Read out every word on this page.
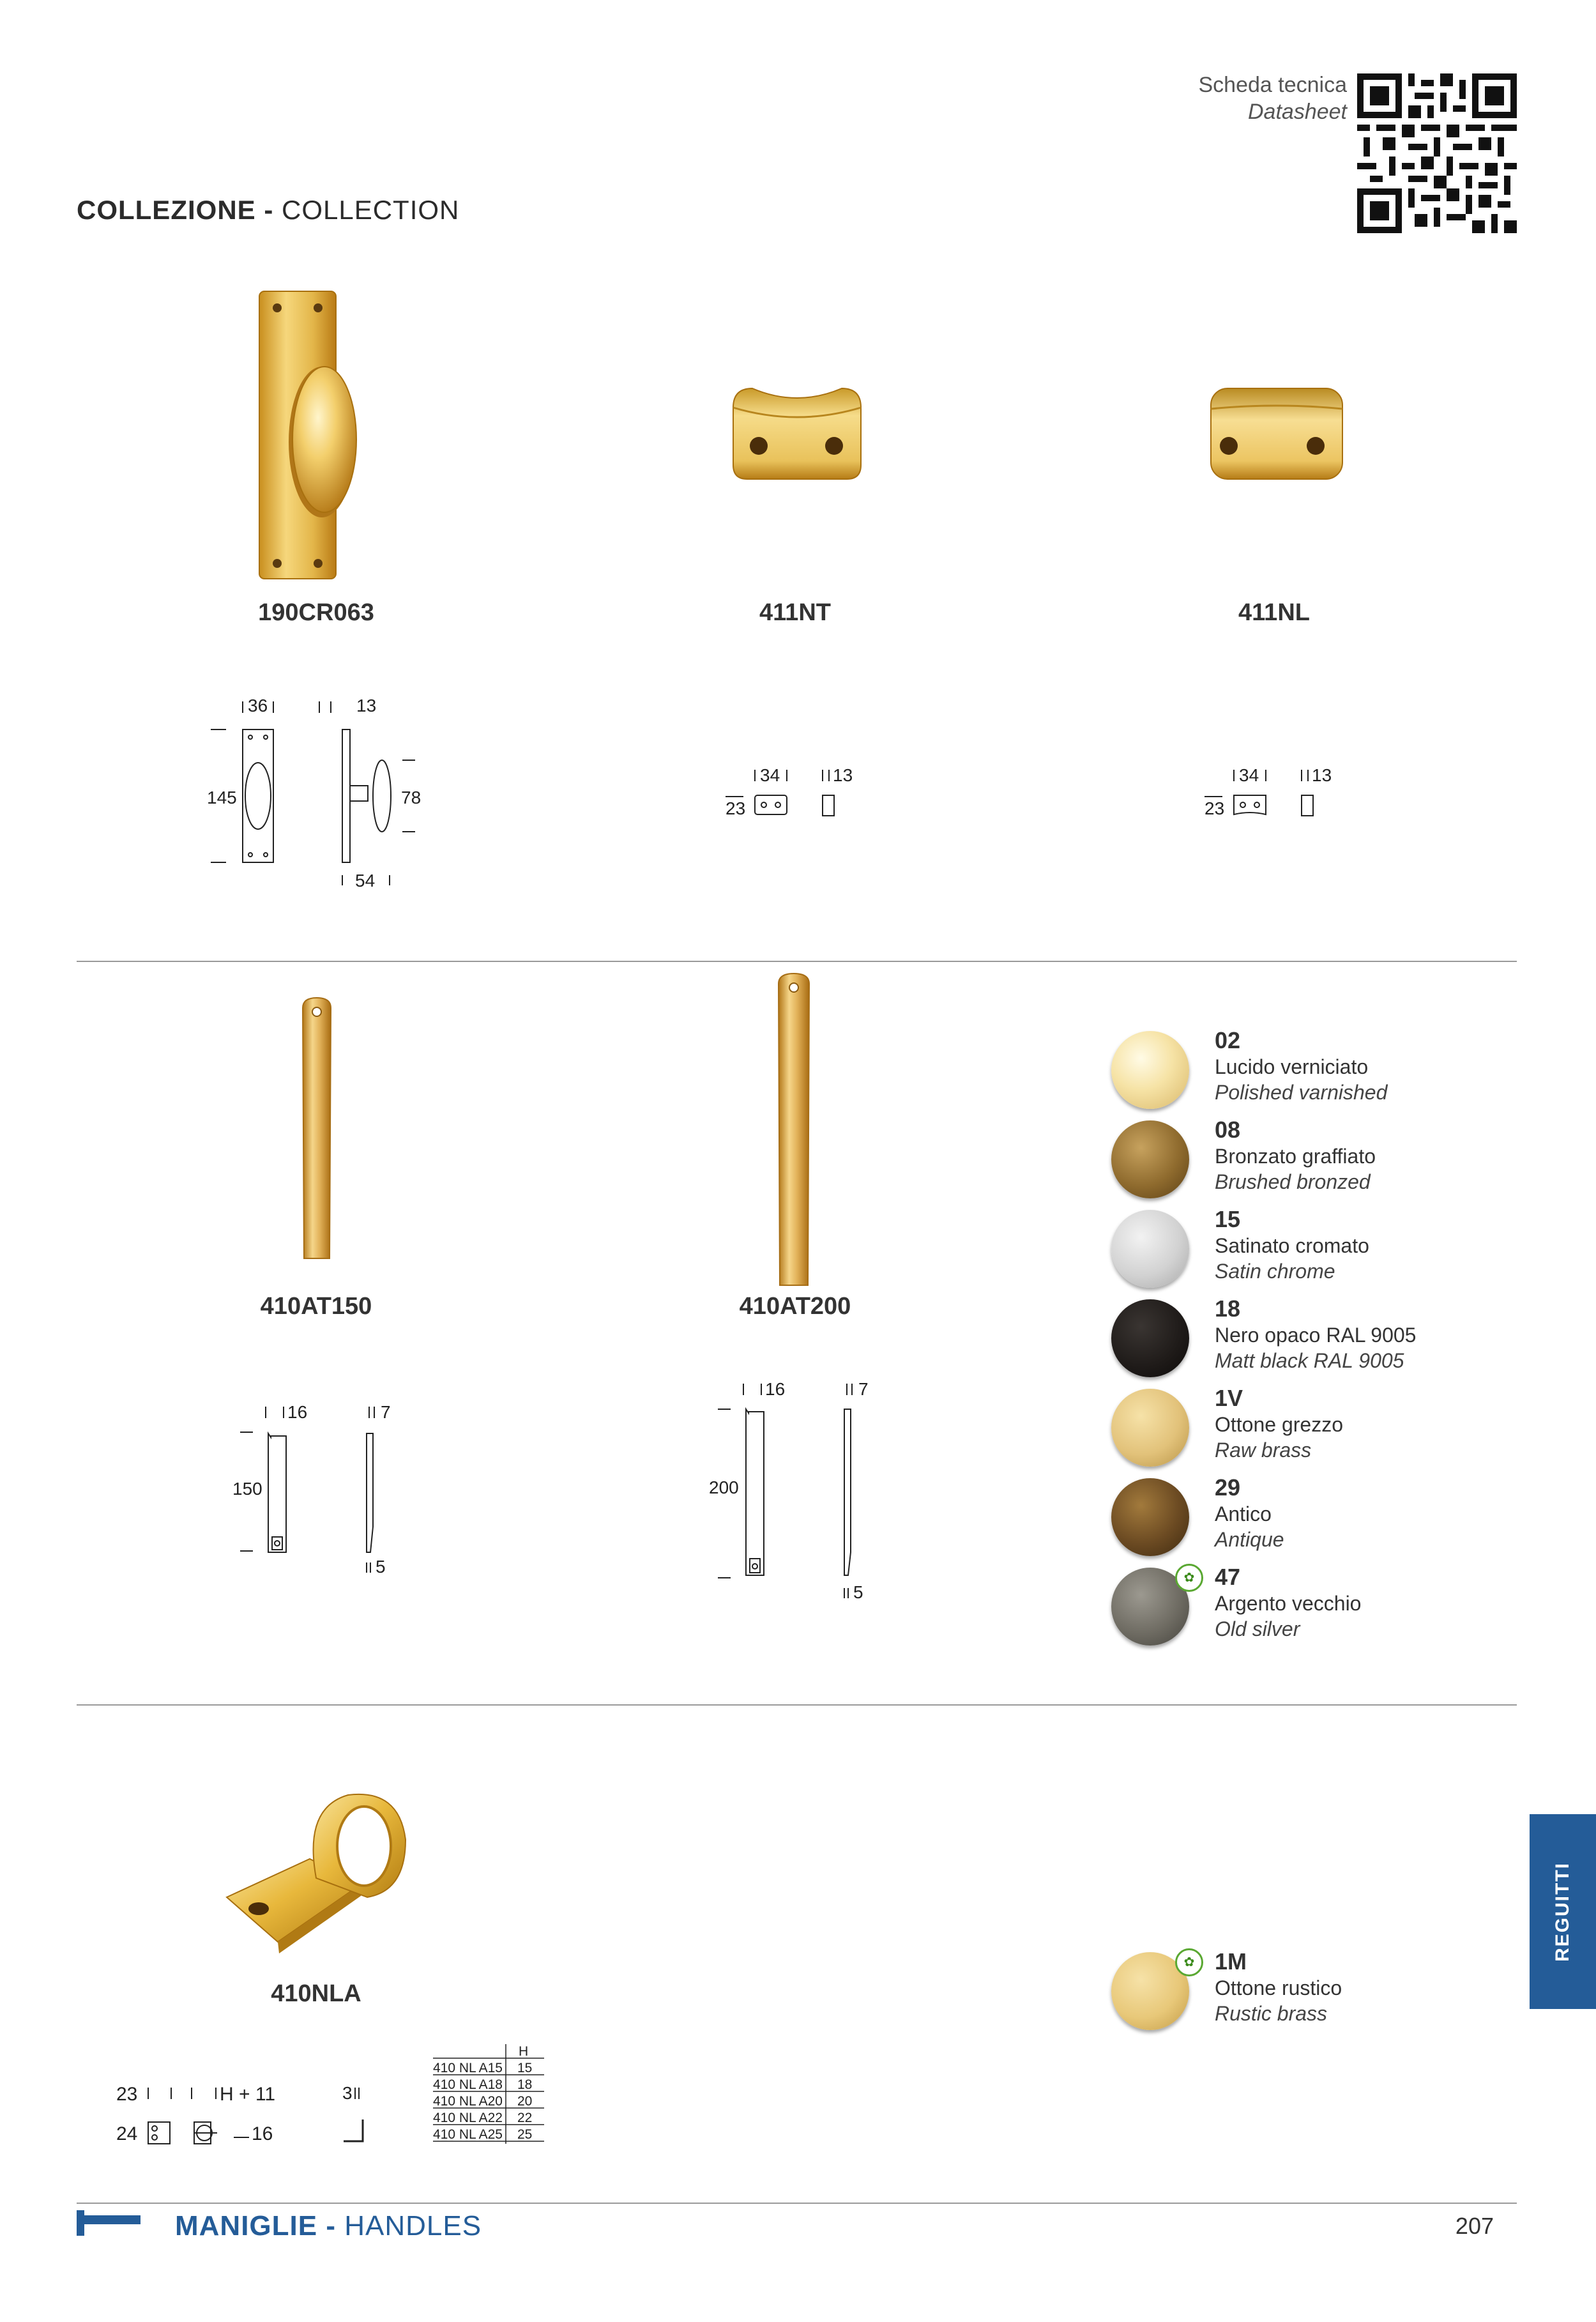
Scheda tecnica
Datasheet
COLLEZIONE - COLLECTION
190CR063	411NT	411NL
36	13
145	78
54
34	13
23
34	13
23
410AT150	410AT200
16	7
150
5
16	7
200
5
02
Lucido verniciato
Polished varnished
08
Bronzato graffiato
Brushed bronzed
15
Satinato cromato
Satin chrome
18
Nero opaco RAL 9005
Matt black RAL 9005
1V
Ottone grezzo
Raw brass
29
Antico
Antique
✿ 47
Argento vecchio
Old silver
410NLA
23	H + 11
24	16
3
H
410 NL A15 15
410 NL A18 18
410 NL A20 20
410 NL A22 22
410 NL A25 25
✿ 1M
Ottone rustico
Rustic brass
REGUITTI
MANIGLIE - HANDLES	207
